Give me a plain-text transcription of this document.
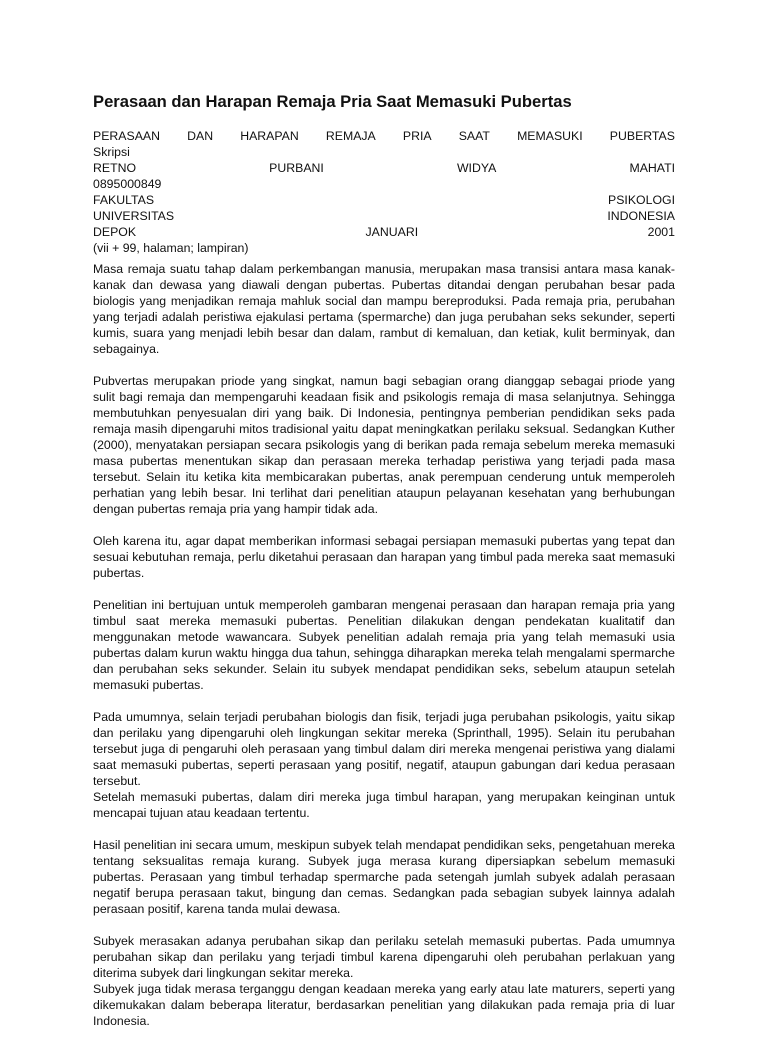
Perasaan dan Harapan Remaja Pria Saat Memasuki Pubertas
PERASAAN DAN HARAPAN REMAJA PRIA SAAT MEMASUKI PUBERTAS
Skripsi
RETNO	PURBANI	WIDYA	MAHATI
0895000849
FAKULTAS	PSIKOLOGI
UNIVERSITAS	INDONESIA
DEPOK	JANUARI	2001
(vii + 99, halaman; lampiran)

Masa remaja suatu tahap dalam perkembangan manusia, merupakan masa transisi antara masa kanak-kanak dan dewasa yang diawali dengan pubertas. Pubertas ditandai dengan perubahan besar pada biologis yang menjadikan remaja mahluk social dan mampu bereproduksi. Pada remaja pria, perubahan yang terjadi adalah peristiwa ejakulasi pertama (spermarche) dan juga perubahan seks sekunder, seperti kumis, suara yang menjadi lebih besar dan dalam, rambut di kemaluan, dan ketiak, kulit berminyak, dan sebagainya.

Pubvertas merupakan priode yang singkat, namun bagi sebagian orang dianggap sebagai priode yang sulit bagi remaja dan mempengaruhi keadaan fisik and psikologis remaja di masa selanjutnya. Sehingga membutuhkan penyesualan diri yang baik. Di Indonesia, pentingnya pemberian pendidikan seks pada remaja masih dipengaruhi mitos tradisional yaitu dapat meningkatkan perilaku seksual. Sedangkan Kuther (2000), menyatakan persiapan secara psikologis yang di berikan pada remaja sebelum mereka memasuki masa pubertas menentukan sikap dan perasaan mereka terhadap peristiwa yang terjadi pada masa tersebut. Selain itu ketika kita membicarakan pubertas, anak perempuan cenderung untuk memperoleh perhatian yang lebih besar. Ini terlihat dari penelitian ataupun pelayanan kesehatan yang berhubungan dengan pubertas remaja pria yang hampir tidak ada.

Oleh karena itu, agar dapat memberikan informasi sebagai persiapan memasuki pubertas yang tepat dan sesuai kebutuhan remaja, perlu diketahui perasaan dan harapan yang timbul pada mereka saat memasuki pubertas.

Penelitian ini bertujuan untuk memperoleh gambaran mengenai perasaan dan harapan remaja pria yang timbul saat mereka memasuki pubertas. Penelitian dilakukan dengan pendekatan kualitatif dan menggunakan metode wawancara. Subyek penelitian adalah remaja pria yang telah memasuki usia pubertas dalam kurun waktu hingga dua tahun, sehingga diharapkan mereka telah mengalami spermarche dan perubahan seks sekunder. Selain itu subyek mendapat pendidikan seks, sebelum ataupun setelah memasuki pubertas.

Pada umumnya, selain terjadi perubahan biologis dan fisik, terjadi juga perubahan psikologis, yaitu sikap dan perilaku yang dipengaruhi oleh lingkungan sekitar mereka (Sprinthall, 1995). Selain itu perubahan tersebut juga di pengaruhi oleh perasaan yang timbul dalam diri mereka mengenai peristiwa yang dialami saat memasuki pubertas, seperti perasaan yang positif, negatif, ataupun gabungan dari kedua perasaan tersebut.

Setelah memasuki pubertas, dalam diri mereka juga timbul harapan, yang merupakan keinginan untuk mencapai tujuan atau keadaan tertentu.

Hasil penelitian ini secara umum, meskipun subyek telah mendapat pendidikan seks, pengetahuan mereka tentang seksualitas remaja kurang. Subyek juga merasa kurang dipersiapkan sebelum memasuki pubertas. Perasaan yang timbul terhadap spermarche pada setengah jumlah subyek adalah perasaan negatif berupa perasaan takut, bingung dan cemas. Sedangkan pada sebagian subyek lainnya adalah perasaan positif, karena tanda mulai dewasa.

Subyek merasakan adanya perubahan sikap dan perilaku setelah memasuki pubertas. Pada umumnya perubahan sikap dan perilaku yang terjadi timbul karena dipengaruhi oleh perubahan perlakuan yang diterima subyek dari lingkungan sekitar mereka.

Subyek juga tidak merasa terganggu dengan keadaan mereka yang early atau late maturers, seperti yang dikemukakan dalam beberapa literatur, berdasarkan penelitian yang dilakukan pada remaja pria di luar Indonesia.
